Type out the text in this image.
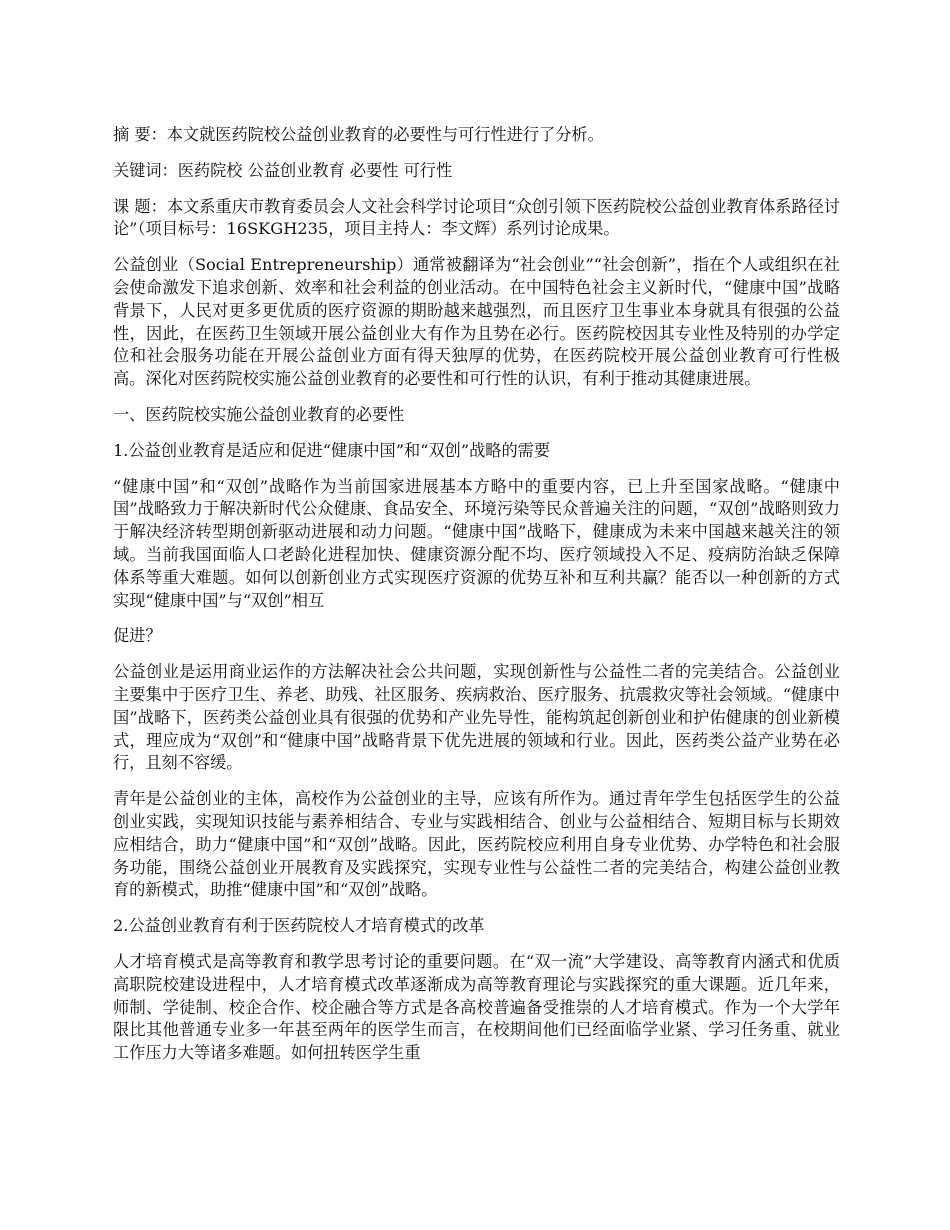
摘 要：本文就医药院校公益创业教育的必要性与可行性进行了分析。

关键词：医药院校 公益创业教育 必要性 可行性

课 题：本文系重庆市教育委员会人文社会科学讨论项目“众创引领下医药院校公益创业教育体系路径讨论”（项目标号：16SKGH235，项目主持人：李文辉）系列讨论成果。

公益创业（Social Entrepreneurship）通常被翻译为“社会创业”“社会创新”，指在个人或组织在社会使命激发下追求创新、效率和社会利益的创业活动。在中国特色社会主义新时代，“健康中国”战略背景下，人民对更多更优质的医疗资源的期盼越来越强烈，而且医疗卫生事业本身就具有很强的公益性，因此，在医药卫生领域开展公益创业大有作为且势在必行。医药院校因其专业性及特别的办学定位和社会服务功能在开展公益创业方面有得天独厚的优势，在医药院校开展公益创业教育可行性极高。深化对医药院校实施公益创业教育的必要性和可行性的认识，有利于推动其健康进展。

一、医药院校实施公益创业教育的必要性

1.公益创业教育是适应和促进“健康中国”和“双创”战略的需要

“健康中国”和“双创”战略作为当前国家进展基本方略中的重要内容，已上升至国家战略。“健康中国”战略致力于解决新时代公众健康、食品安全、环境污染等民众普遍关注的问题，“双创”战略则致力于解决经济转型期创新驱动进展和动力问题。“健康中国”战略下，健康成为未来中国越来越关注的领域。当前我国面临人口老龄化进程加快、健康资源分配不均、医疗领域投入不足、疫病防治缺乏保障体系等重大难题。如何以创新创业方式实现医疗资源的优势互补和互利共赢？能否以一种创新的方式实现“健康中国”与“双创”相互

促进？

公益创业是运用商业运作的方法解决社会公共问题，实现创新性与公益性二者的完美结合。公益创业主要集中于医疗卫生、养老、助残、社区服务、疾病救治、医疗服务、抗震救灾等社会领域。“健康中国”战略下，医药类公益创业具有很强的优势和产业先导性，能构筑起创新创业和护佑健康的创业新模式，理应成为“双创”和“健康中国”战略背景下优先进展的领域和行业。因此，医药类公益产业势在必行，且刻不容缓。

青年是公益创业的主体，高校作为公益创业的主导，应该有所作为。通过青年学生包括医学生的公益创业实践，实现知识技能与素养相结合、专业与实践相结合、创业与公益相结合、短期目标与长期效应相结合，助力“健康中国”和“双创”战略。因此，医药院校应利用自身专业优势、办学特色和社会服务功能，围绕公益创业开展教育及实践探究，实现专业性与公益性二者的完美结合，构建公益创业教育的新模式，助推“健康中国”和“双创”战略。

2.公益创业教育有利于医药院校人才培育模式的改革

人才培育模式是高等教育和教学思考讨论的重要问题。在“双一流”大学建设、高等教育内涵式和优质高职院校建设进程中，人才培育模式改革逐渐成为高等教育理论与实践探究的重大课题。近几年来，师制、学徒制、校企合作、校企融合等方式是各高校普遍备受推崇的人才培育模式。作为一个大学年限比其他普通专业多一年甚至两年的医学生而言，在校期间他们已经面临学业紧、学习任务重、就业工作压力大等诸多难题。如何扭转医学生重
